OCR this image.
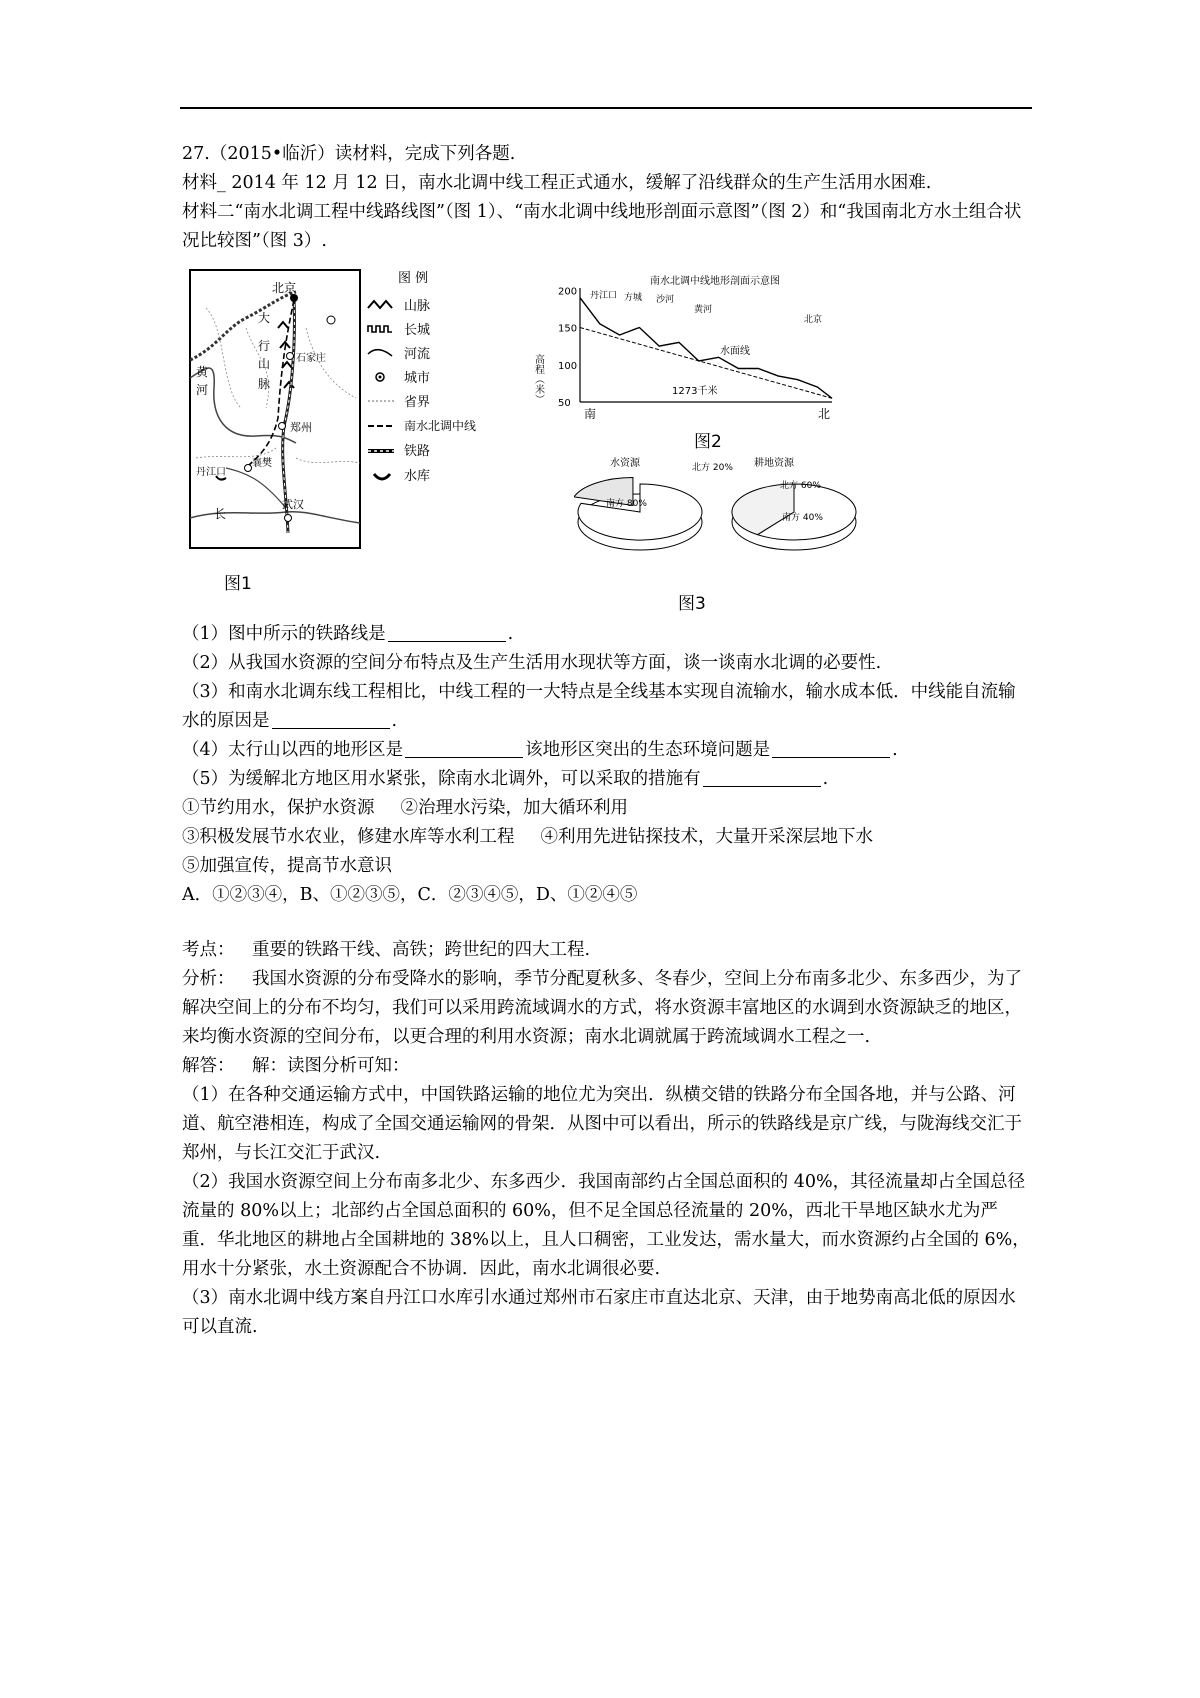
27.（2015•临沂）读材料，完成下列各题.

材料_ 2014 年 12 月 12 日，南水北调中线工程正式通水，缓解了沿线群众的生产生活用水困难.

材料二“南水北调工程中线路线图”（图 1）、“南水北调中线地形剖面示意图”（图 2）和“我国南北方水土组合状况比较图”（图 3）.

北京
石家庄
郑州
武汉
丹江口
襄樊
大
行
山
脉
黄
河
长
图 例
山脉
长城
河流
城市
省界
南水北调中线
铁路
水库
图1
南水北调中线地形剖面示意图
200
150
100
50
高程（米）
水面线
丹江口 方城 沙河
黄河
北京
1273千米
南	北
图2
水资源	耕地资源
南方 80%
北方 20%
北方 60%
南方 40%
图3

（1）图中所示的铁路线是	.

（2）从我国水资源的空间分布特点及生产生活用水现状等方面，谈一谈南水北调的必要性.

（3）和南水北调东线工程相比，中线工程的一大特点是全线基本实现自流输水，输水成本低．中线能自流输水的原因是	.

（4）太行山以西的地形区是	该地形区突出的生态环境问题是	.

（5）为缓解北方地区用水紧张，除南水北调外，可以采取的措施有	.

①节约用水，保护水资源 ②治理水污染，加大循环利用

③积极发展节水农业，修建水库等水利工程 ④利用先进钻探技术，大量开采深层地下水

⑤加强宣传，提高节水意识

A．①②③④，B、①②③⑤，C．②③④⑤，D、①②④⑤

考点： 重要的铁路干线、高铁；跨世纪的四大工程.

分析： 我国水资源的分布受降水的影响，季节分配夏秋多、冬春少，空间上分布南多北少、东多西少，为了解决空间上的分布不均匀，我们可以采用跨流域调水的方式，将水资源丰富地区的水调到水资源缺乏的地区，来均衡水资源的空间分布，以更合理的利用水资源；南水北调就属于跨流域调水工程之一.

解答： 解：读图分析可知：

（1）在各种交通运输方式中，中国铁路运输的地位尤为突出．纵横交错的铁路分布全国各地，并与公路、河道、航空港相连，构成了全国交通运输网的骨架．从图中可以看出，所示的铁路线是京广线，与陇海线交汇于郑州，与长江交汇于武汉.

（2）我国水资源空间上分布南多北少、东多西少．我国南部约占全国总面积的 40%，其径流量却占全国总径流量的 80%以上；北部约占全国总面积的 60%，但不足全国总径流量的 20%，西北干旱地区缺水尤为严重．华北地区的耕地占全国耕地的 38%以上，且人口稠密，工业发达，需水量大，而水资源约占全国的 6%，用水十分紧张，水土资源配合不协调．因此，南水北调很必要.

（3）南水北调中线方案自丹江口水库引水通过郑州市石家庄市直达北京、天津，由于地势南高北低的原因水可以直流.
